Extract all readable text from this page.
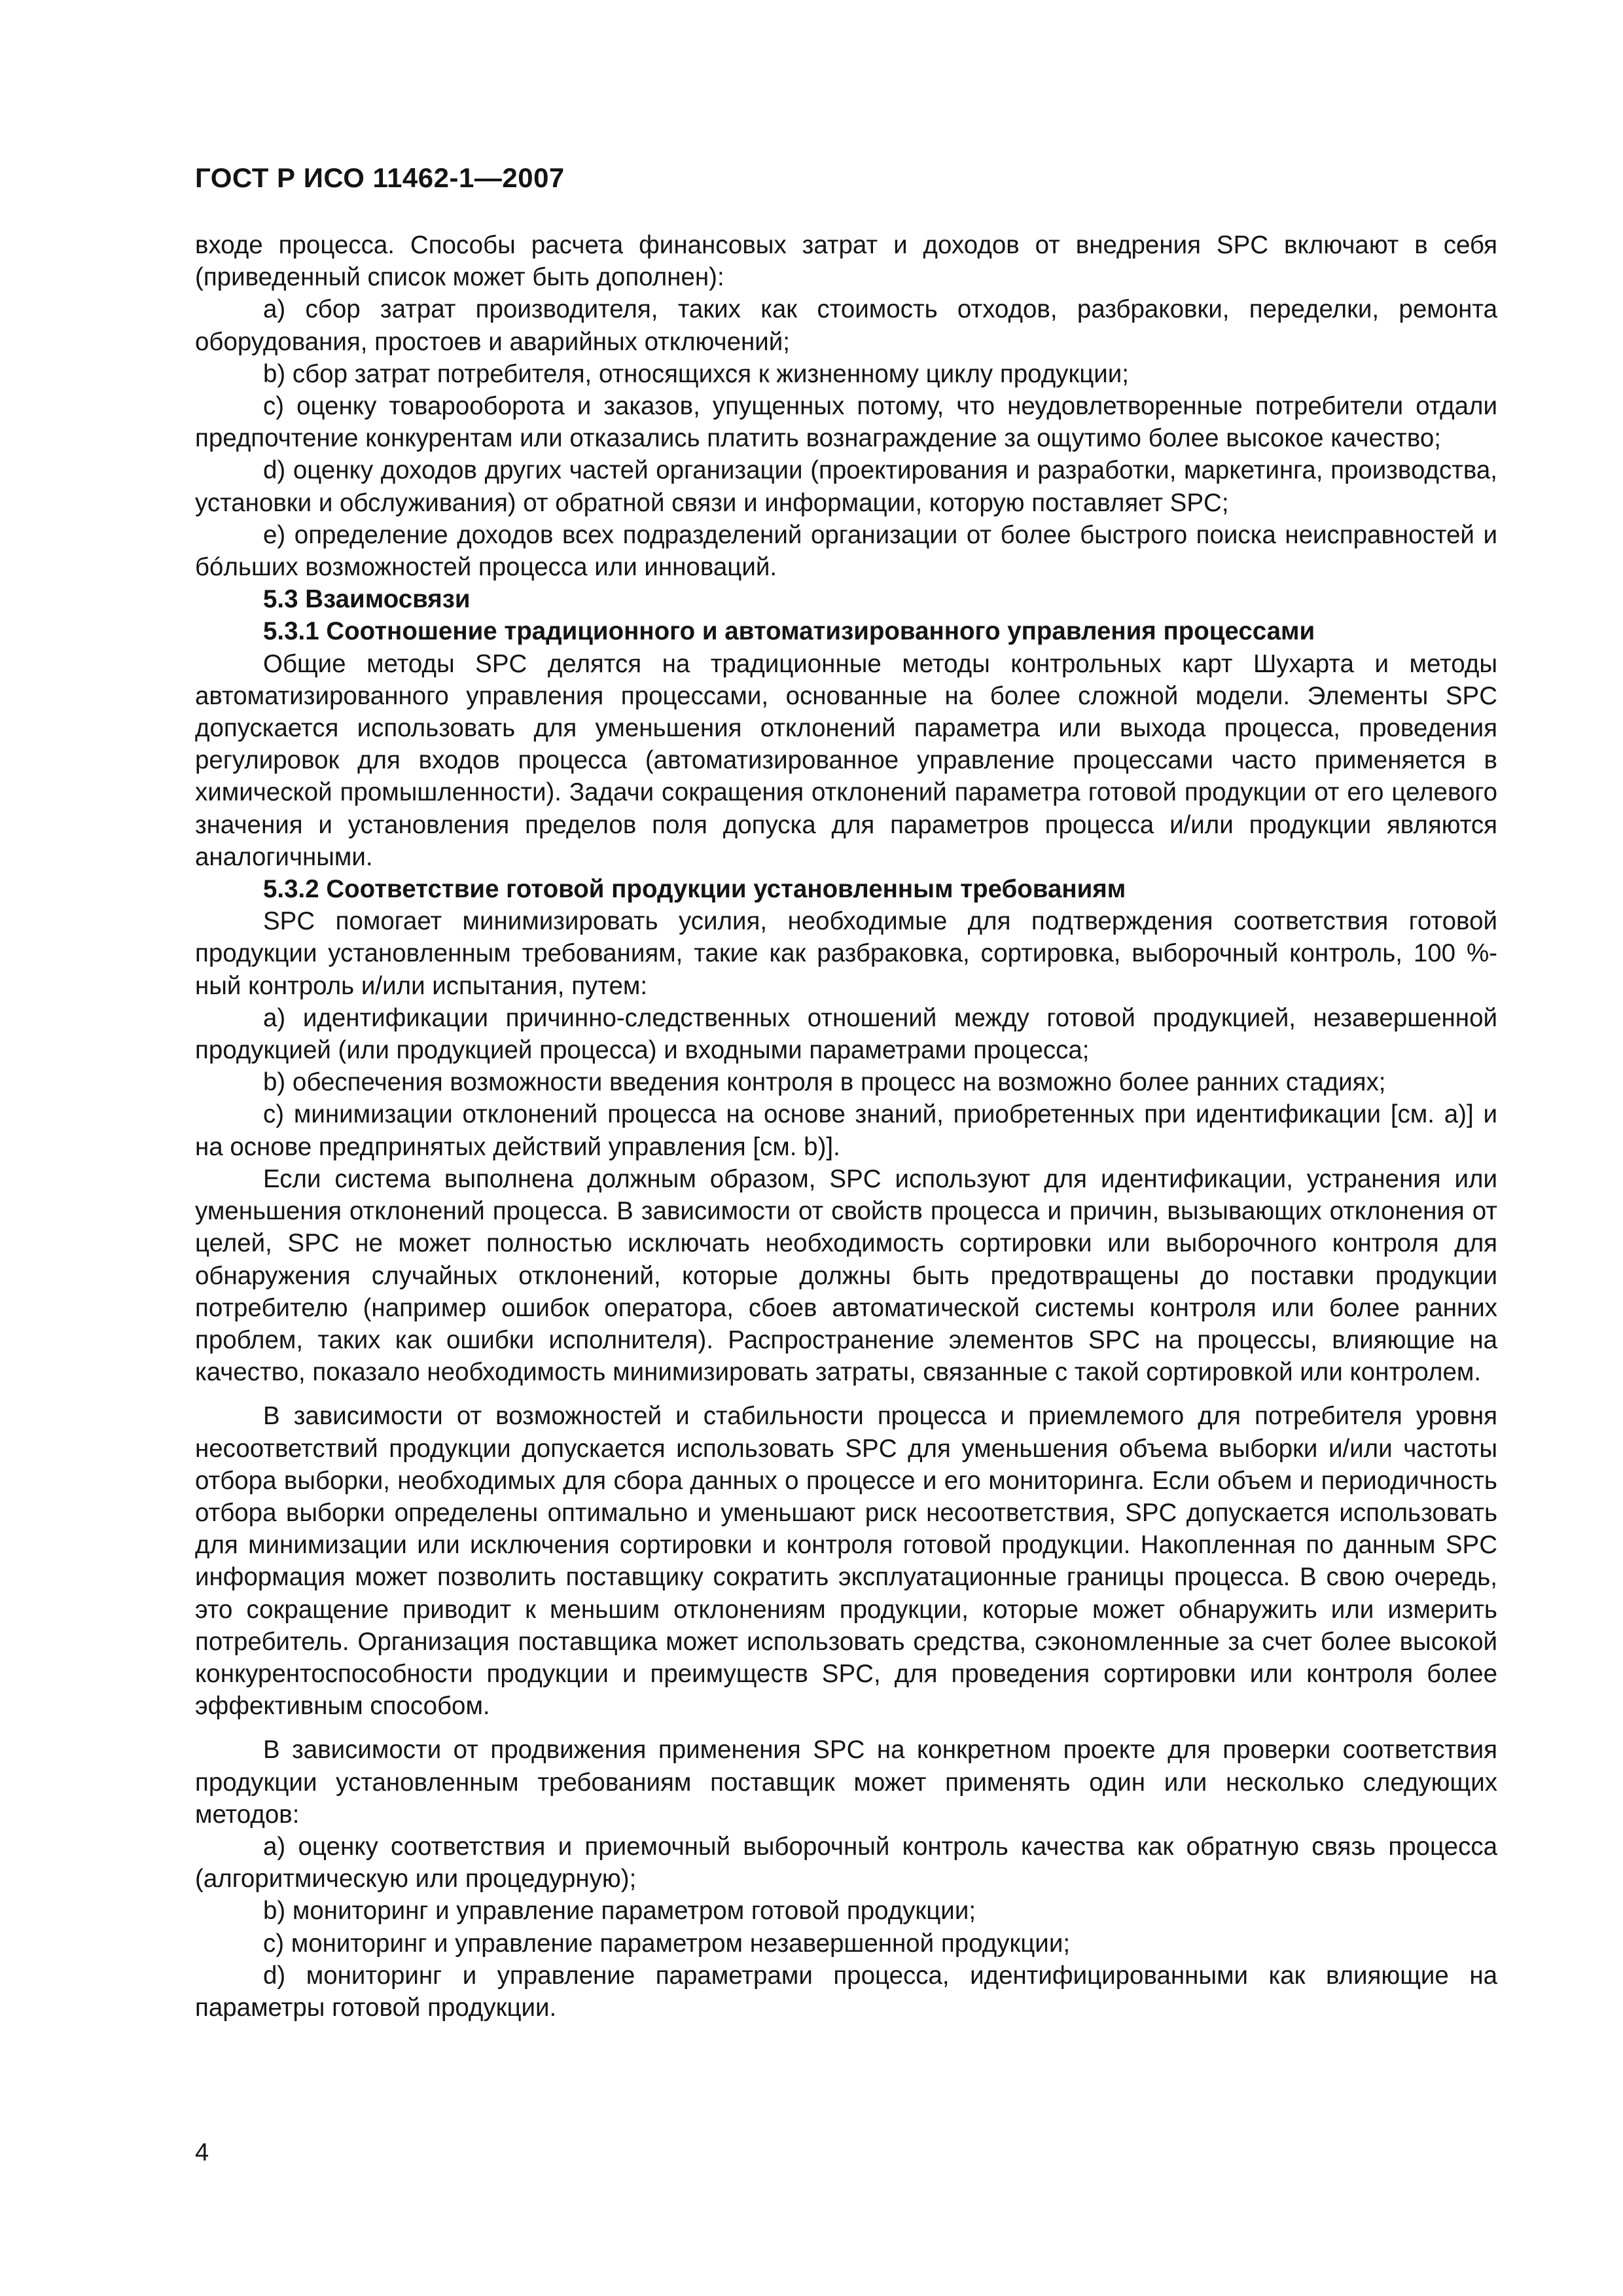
ГОСТ Р ИСО 11462-1—2007

входе процесса. Способы расчета финансовых затрат и доходов от внедрения SPC включают в себя (приведенный список может быть дополнен):

a) сбор затрат производителя, таких как стоимость отходов, разбраковки, переделки, ремонта оборудования, простоев и аварийных отключений;

b) сбор затрат потребителя, относящихся к жизненному циклу продукции;

c) оценку товарооборота и заказов, упущенных потому, что неудовлетворенные потребители отдали предпочтение конкурентам или отказались платить вознаграждение за ощутимо более высокое качество;

d) оценку доходов других частей организации (проектирования и разработки, маркетинга, производства, установки и обслуживания) от обратной связи и информации, которую поставляет SPC;

e) определение доходов всех подразделений организации от более быстрого поиска неисправностей и бóльших возможностей процесса или инноваций.

5.3 Взаимосвязи

5.3.1 Соотношение традиционного и автоматизированного управления процессами

Общие методы SPC делятся на традиционные методы контрольных карт Шухарта и методы автоматизированного управления процессами, основанные на более сложной модели. Элементы SPC допускается использовать для уменьшения отклонений параметра или выхода процесса, проведения регулировок для входов процесса (автоматизированное управление процессами часто применяется в химической промышленности). Задачи сокращения отклонений параметра готовой продукции от его целевого значения и установления пределов поля допуска для параметров процесса и/или продукции являются аналогичными.

5.3.2 Соответствие готовой продукции установленным требованиям

SPC помогает минимизировать усилия, необходимые для подтверждения соответствия готовой продукции установленным требованиям, такие как разбраковка, сортировка, выборочный контроль, 100 %-ный контроль и/или испытания, путем:

a) идентификации причинно-следственных отношений между готовой продукцией, незавершенной продукцией (или продукцией процесса) и входными параметрами процесса;

b) обеспечения возможности введения контроля в процесс на возможно более ранних стадиях;

c) минимизации отклонений процесса на основе знаний, приобретенных при идентификации [см. a)] и на основе предпринятых действий управления [см. b)].

Если система выполнена должным образом, SPC используют для идентификации, устранения или уменьшения отклонений процесса. В зависимости от свойств процесса и причин, вызывающих отклонения от целей, SPC не может полностью исключать необходимость сортировки или выборочного контроля для обнаружения случайных отклонений, которые должны быть предотвращены до поставки продукции потребителю (например ошибок оператора, сбоев автоматической системы контроля или более ранних проблем, таких как ошибки исполнителя). Распространение элементов SPC на процессы, влияющие на качество, показало необходимость минимизировать затраты, связанные с такой сортировкой или контролем.

В зависимости от возможностей и стабильности процесса и приемлемого для потребителя уровня несоответствий продукции допускается использовать SPC для уменьшения объема выборки и/или частоты отбора выборки, необходимых для сбора данных о процессе и его мониторинга. Если объем и периодичность отбора выборки определены оптимально и уменьшают риск несоответствия, SPC допускается использовать для минимизации или исключения сортировки и контроля готовой продукции. Накопленная по данным SPC информация может позволить поставщику сократить эксплуатационные границы процесса. В свою очередь, это сокращение приводит к меньшим отклонениям продукции, которые может обнаружить или измерить потребитель. Организация поставщика может использовать средства, сэкономленные за счет более высокой конкурентоспособности продукции и преимуществ SPC, для проведения сортировки или контроля более эффективным способом.

В зависимости от продвижения применения SPC на конкретном проекте для проверки соответствия продукции установленным требованиям поставщик может применять один или несколько следующих методов:

a) оценку соответствия и приемочный выборочный контроль качества как обратную связь процесса (алгоритмическую или процедурную);

b) мониторинг и управление параметром готовой продукции;

c) мониторинг и управление параметром незавершенной продукции;

d) мониторинг и управление параметрами процесса, идентифицированными как влияющие на параметры готовой продукции.

4
